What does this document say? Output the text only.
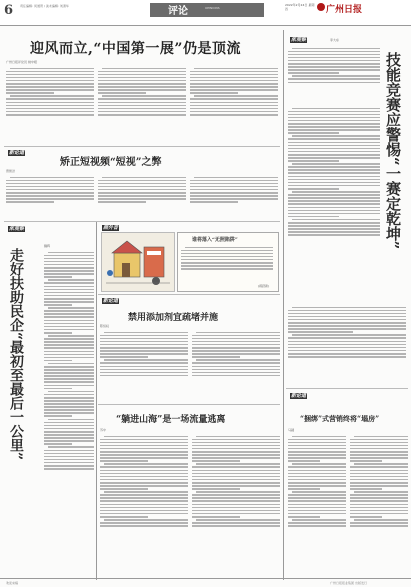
6 责任编辑: 何道贤 / 美术编辑: 刘清华	评论	OPINIONS
2022年2月24日 星期四	广州日报
迎风而立,“中国第一展”仍是顶流
广州日报评论员 姚中昭
新论道
矫正短视频“短视”之弊
曾智洪
浓观察
走好扶助民企“最初至最后一公里”
魏辉
画外音
谁将落入“无照陷阱”
(蒋跃新)
新论道
禁用添加剂宜疏堵并施
陈恒权
“躺进山海”是一场流量逃离
苏中
浓观察	李大东
技能竞赛应警惕“一赛定乾坤”
新论道
“捆绑”式营销终将“塌房”
马越
欢迎来稿	广州日报报业集团 出版发行
